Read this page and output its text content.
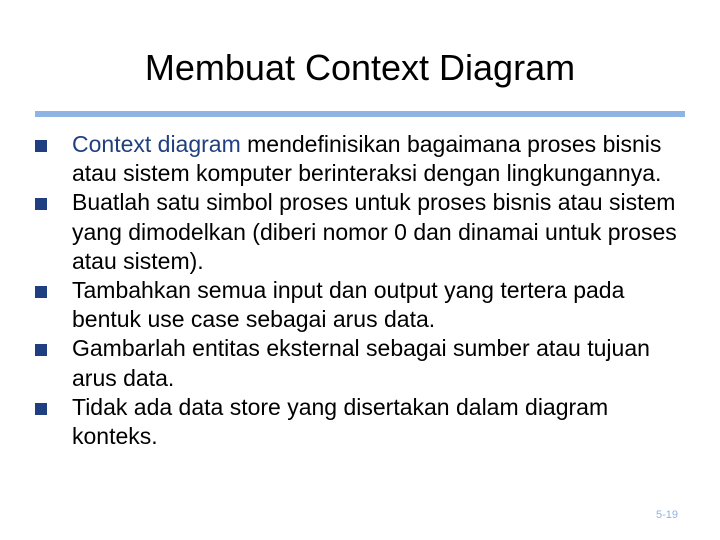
Membuat Context Diagram
Context diagram mendefinisikan bagaimana proses bisnis atau sistem komputer berinteraksi dengan lingkungannya.
Buatlah satu simbol proses untuk proses bisnis atau sistem yang dimodelkan (diberi nomor 0 dan dinamai untuk proses atau sistem).
Tambahkan semua input dan output yang tertera pada bentuk use case sebagai arus data.
Gambarlah entitas eksternal sebagai sumber atau tujuan arus data.
Tidak ada data store yang disertakan dalam diagram konteks.
5-19
